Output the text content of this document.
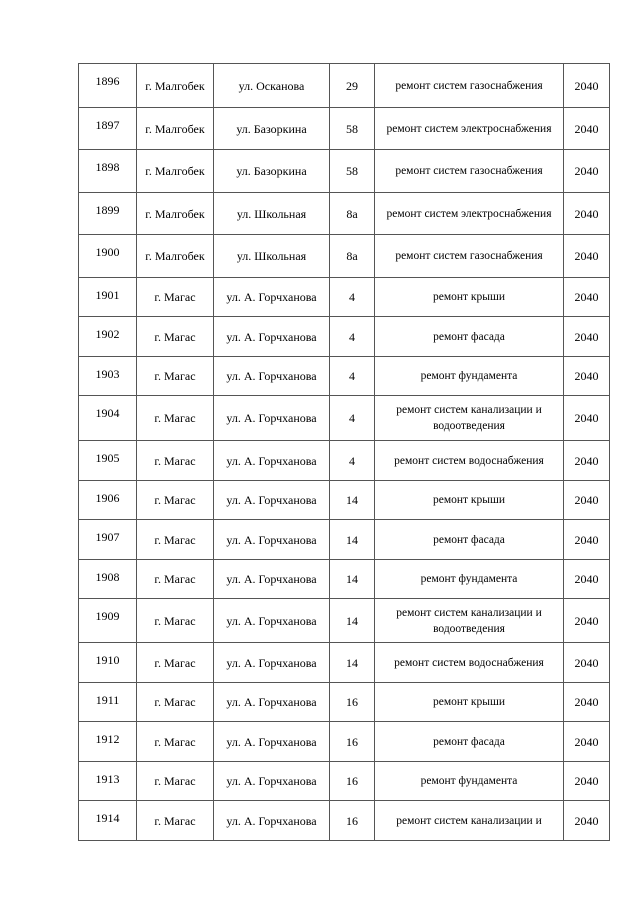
1896	г. Малгобек	ул. Осканова	29	ремонт систем газоснабжения	2040
1897	г. Малгобек	ул. Базоркина	58	ремонт систем электроснабжения	2040
1898	г. Малгобек	ул. Базоркина	58	ремонт систем газоснабжения	2040
1899	г. Малгобек	ул. Школьная	8а	ремонт систем электроснабжения	2040
1900	г. Малгобек	ул. Школьная	8а	ремонт систем газоснабжения	2040
1901	г. Магас	ул. А. Горчханова	4	ремонт крыши	2040
1902	г. Магас	ул. А. Горчханова	4	ремонт фасада	2040
1903	г. Магас	ул. А. Горчханова	4	ремонт фундамента	2040
1904	г. Магас	ул. А. Горчханова	4	ремонт систем канализации и водоотведения	2040
1905	г. Магас	ул. А. Горчханова	4	ремонт систем водоснабжения	2040
1906	г. Магас	ул. А. Горчханова	14	ремонт крыши	2040
1907	г. Магас	ул. А. Горчханова	14	ремонт фасада	2040
1908	г. Магас	ул. А. Горчханова	14	ремонт фундамента	2040
1909	г. Магас	ул. А. Горчханова	14	ремонт систем канализации и водоотведения	2040
1910	г. Магас	ул. А. Горчханова	14	ремонт систем водоснабжения	2040
1911	г. Магас	ул. А. Горчханова	16	ремонт крыши	2040
1912	г. Магас	ул. А. Горчханова	16	ремонт фасада	2040
1913	г. Магас	ул. А. Горчханова	16	ремонт фундамента	2040
1914	г. Магас	ул. А. Горчханова	16	ремонт систем канализации и	2040
